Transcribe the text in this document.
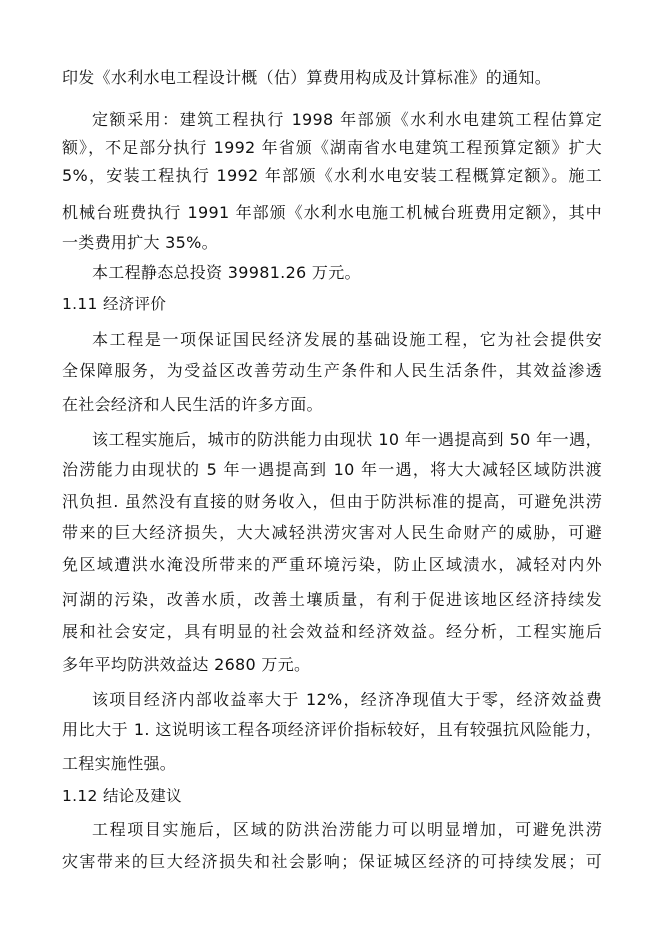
印发《水利水电工程设计概（估）算费用构成及计算标准》的通知。
定额采用：建筑工程执行 1998 年部颁《水利水电建筑工程估算定
额》，不足部分执行 1992 年省颁《湖南省水电建筑工程预算定额》扩大
5%，安装工程执行 1992 年部颁《水利水电安装工程概算定额》。施工
机械台班费执行 1991 年部颁《水利水电施工机械台班费用定额》，其中
一类费用扩大 35%。
本工程静态总投资 39981.26 万元。
1.11 经济评价
本工程是一项保证国民经济发展的基础设施工程，它为社会提供安
全保障服务，为受益区改善劳动生产条件和人民生活条件，其效益渗透
在社会经济和人民生活的许多方面。
该工程实施后，城市的防洪能力由现状 10 年一遇提高到 50 年一遇，
治涝能力由现状的 5 年一遇提高到 10 年一遇，将大大减轻区域防洪渡
汛负担. 虽然没有直接的财务收入，但由于防洪标准的提高，可避免洪涝
带来的巨大经济损失，大大减轻洪涝灾害对人民生命财产的威胁，可避
免区域遭洪水淹没所带来的严重环境污染，防止区域渍水，减轻对内外
河湖的污染，改善水质，改善土壤质量，有利于促进该地区经济持续发
展和社会安定，具有明显的社会效益和经济效益。经分析，工程实施后
多年平均防洪效益达 2680 万元。
该项目经济内部收益率大于 12%，经济净现值大于零，经济效益费
用比大于 1. 这说明该工程各项经济评价指标较好，且有较强抗风险能力，
工程实施性强。
1.12 结论及建议
工程项目实施后，区域的防洪治涝能力可以明显增加，可避免洪涝
灾害带来的巨大经济损失和社会影响；保证城区经济的可持续发展；可
